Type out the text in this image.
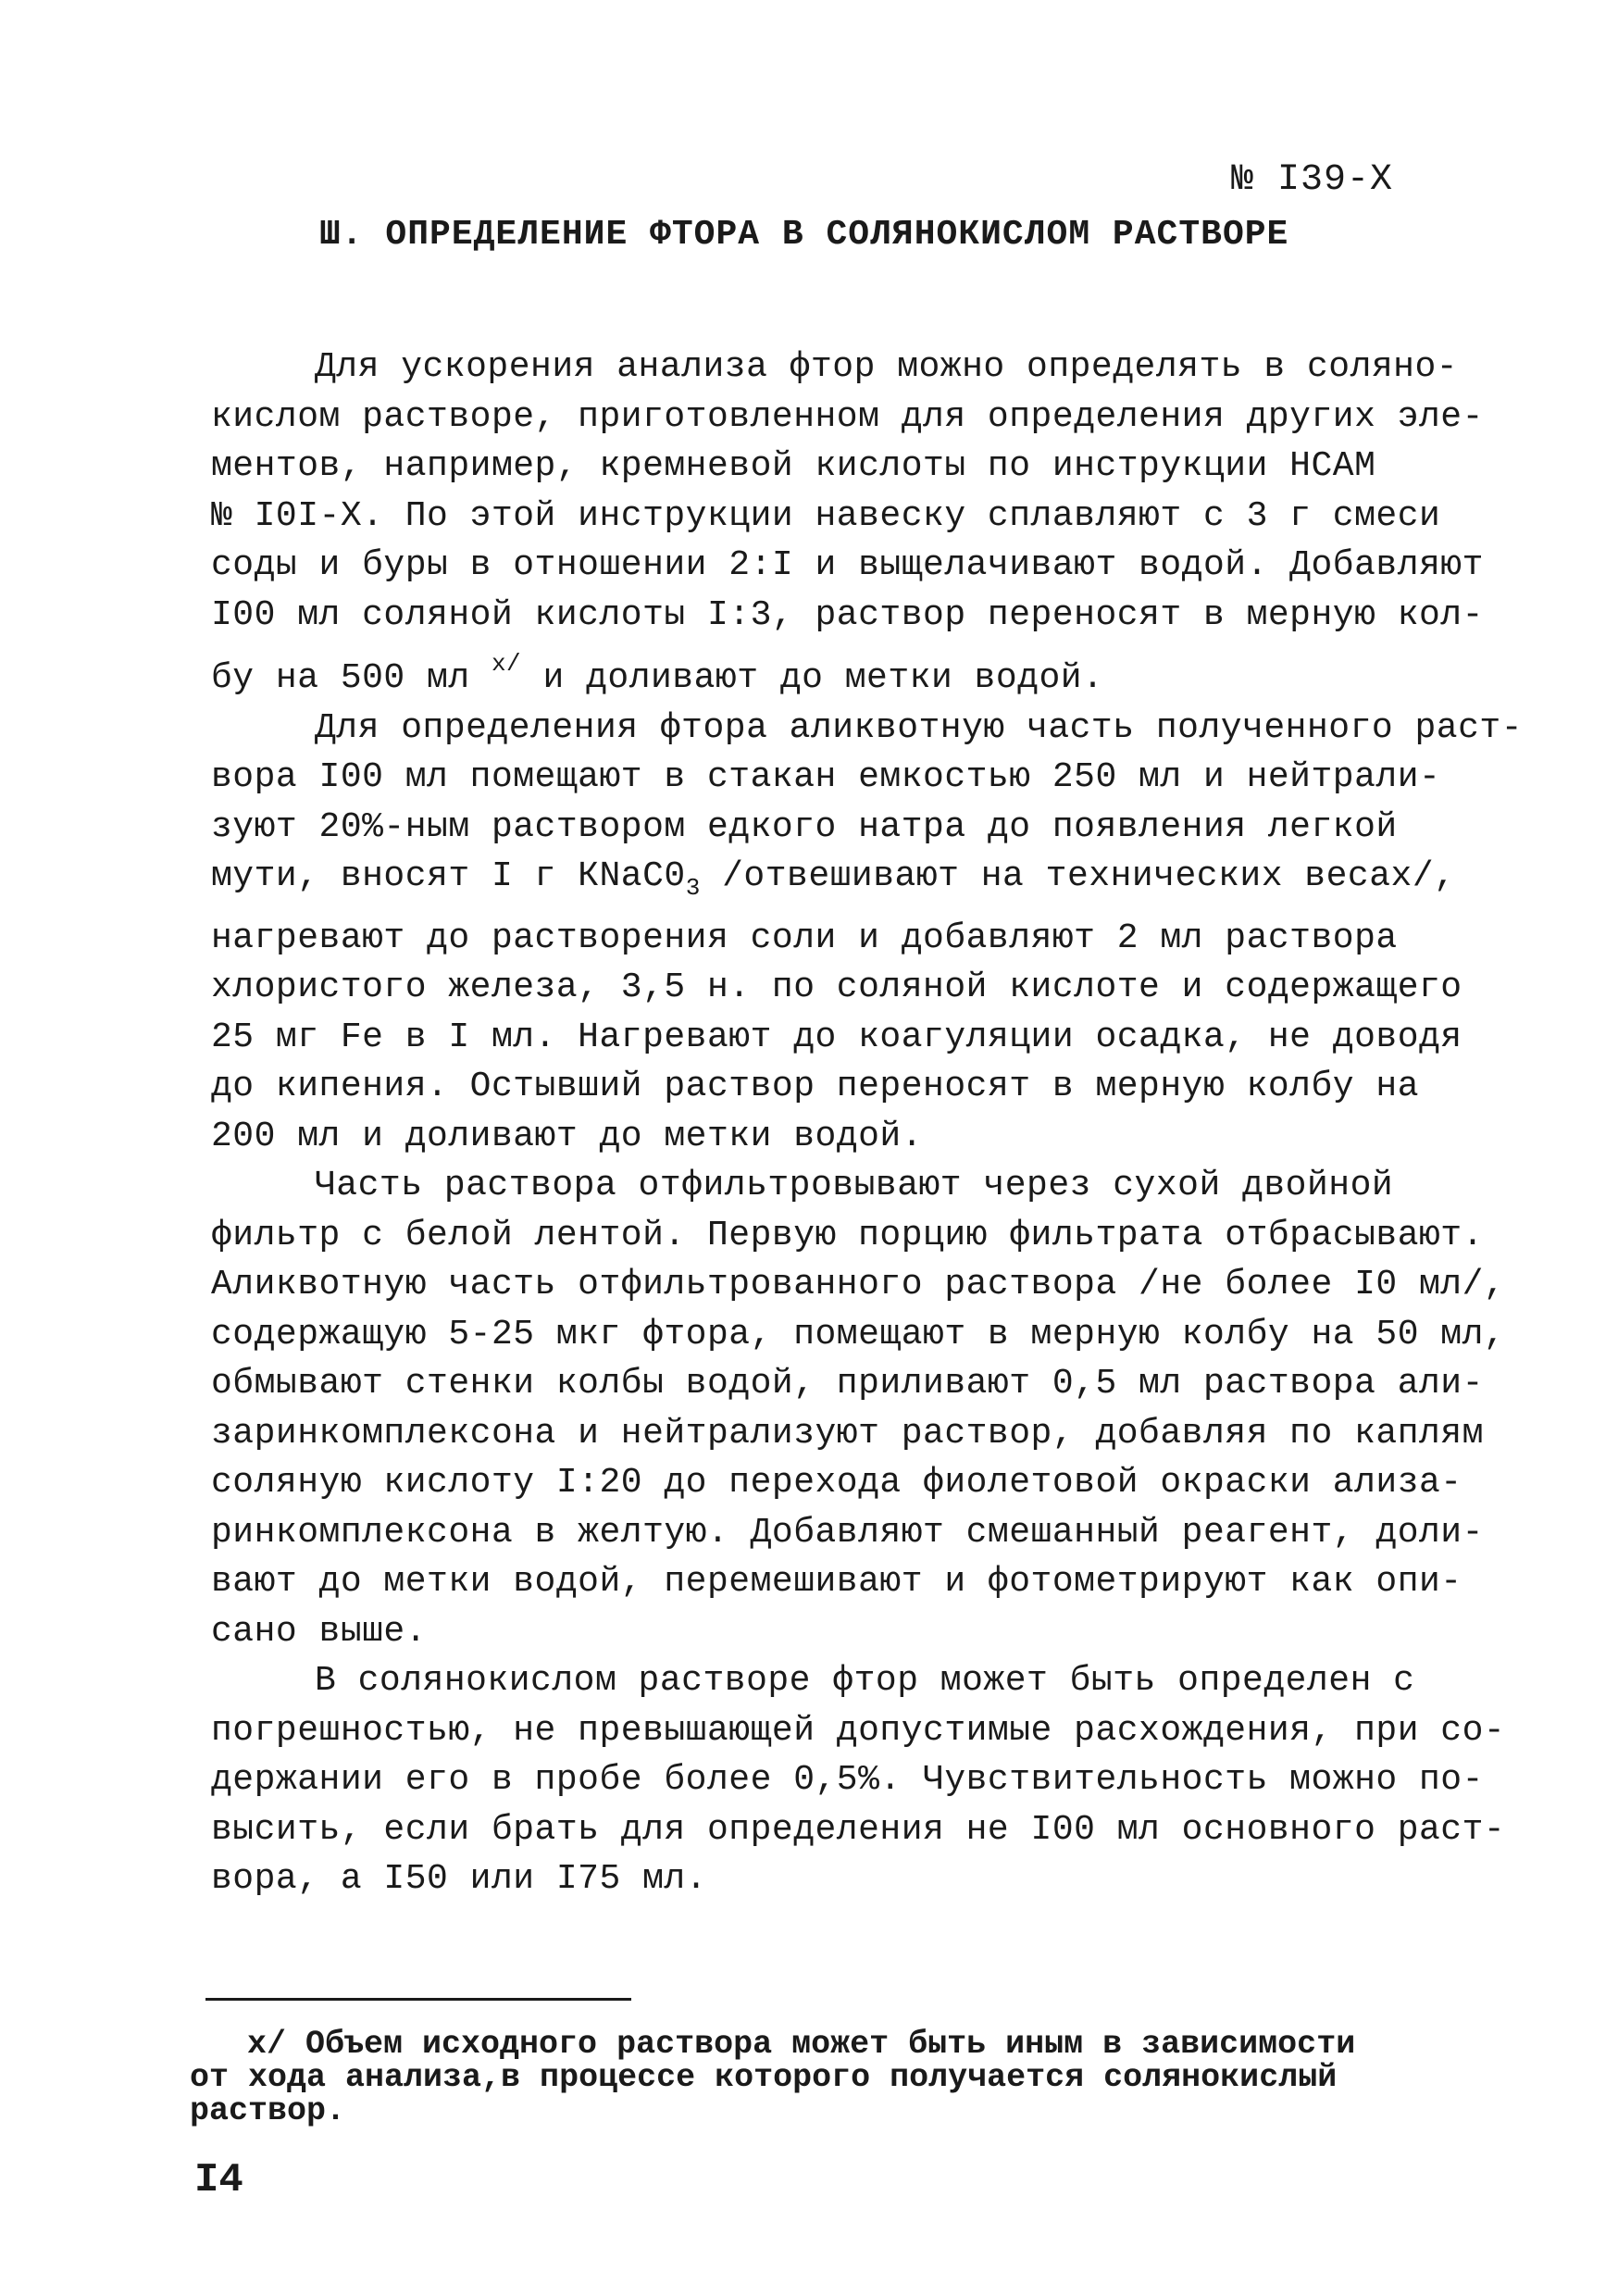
№ I39-Х
Ш. ОПРЕДЕЛЕНИЕ ФТОРА В СОЛЯНОКИСЛОМ РАСТВОРЕ
Для ускорения анализа фтор можно определять в соляно-
кислом растворе, приготовленном для определения других эле-
ментов, например, кремневой кислоты по инструкции НСАМ
№ I0I-Х. По этой инструкции навеску сплавляют с 3 г смеси
соды и буры в отношении 2:I и выщелачивают водой. Добавляют
I00 мл соляной кислоты I:3, раствор переносят в мерную кол-
бу на 500 мл $^{х/}$ и доливают до метки водой.
Для определения фтора аликвотную часть полученного раст-
вора I00 мл помещают в стакан емкостью 250 мл и нейтрали-
зуют 20%-ным раствором едкого натра до появления легкой
мути, вносят I г $КNаС0_3$ /отвешивают на технических весах/,
нагревают до растворения соли и добавляют 2 мл раствора
хлористого железа, 3,5 н. по соляной кислоте и содержащего
25 мг Fe в I мл. Нагревают до коагуляции осадка, не доводя
до кипения. Остывший раствор переносят в мерную колбу на
200 мл и доливают до метки водой.
Часть раствора отфильтровывают через сухой двойной
фильтр с белой лентой. Первую порцию фильтрата отбрасывают.
Аликвотную часть отфильтрованного раствора /не более I0 мл/,
содержащую 5-25 мкг фтора, помещают в мерную колбу на 50 мл,
обмывают стенки колбы водой, приливают 0,5 мл раствора али-
заринкомплексона и нейтрализуют раствор, добавляя по каплям
соляную кислоту I:20 до перехода фиолетовой окраски ализа-
ринкомплексона в желтую. Добавляют смешанный реагент, доли-
вают до метки водой, перемешивают и фотометрируют как опи-
сано выше.
В солянокислом растворе фтор может быть определен с
погрешностью, не превышающей допустимые расхождения, при со-
держании его в пробе более 0,5%. Чувствительность можно по-
высить, если брать для определения не I00 мл основного раст-
вора, а I50 или I75 мл.
х/ Объем исходного раствора может быть иным в зависимости
от хода анализа,в процессе которого получается солянокислый
раствор.
I4
